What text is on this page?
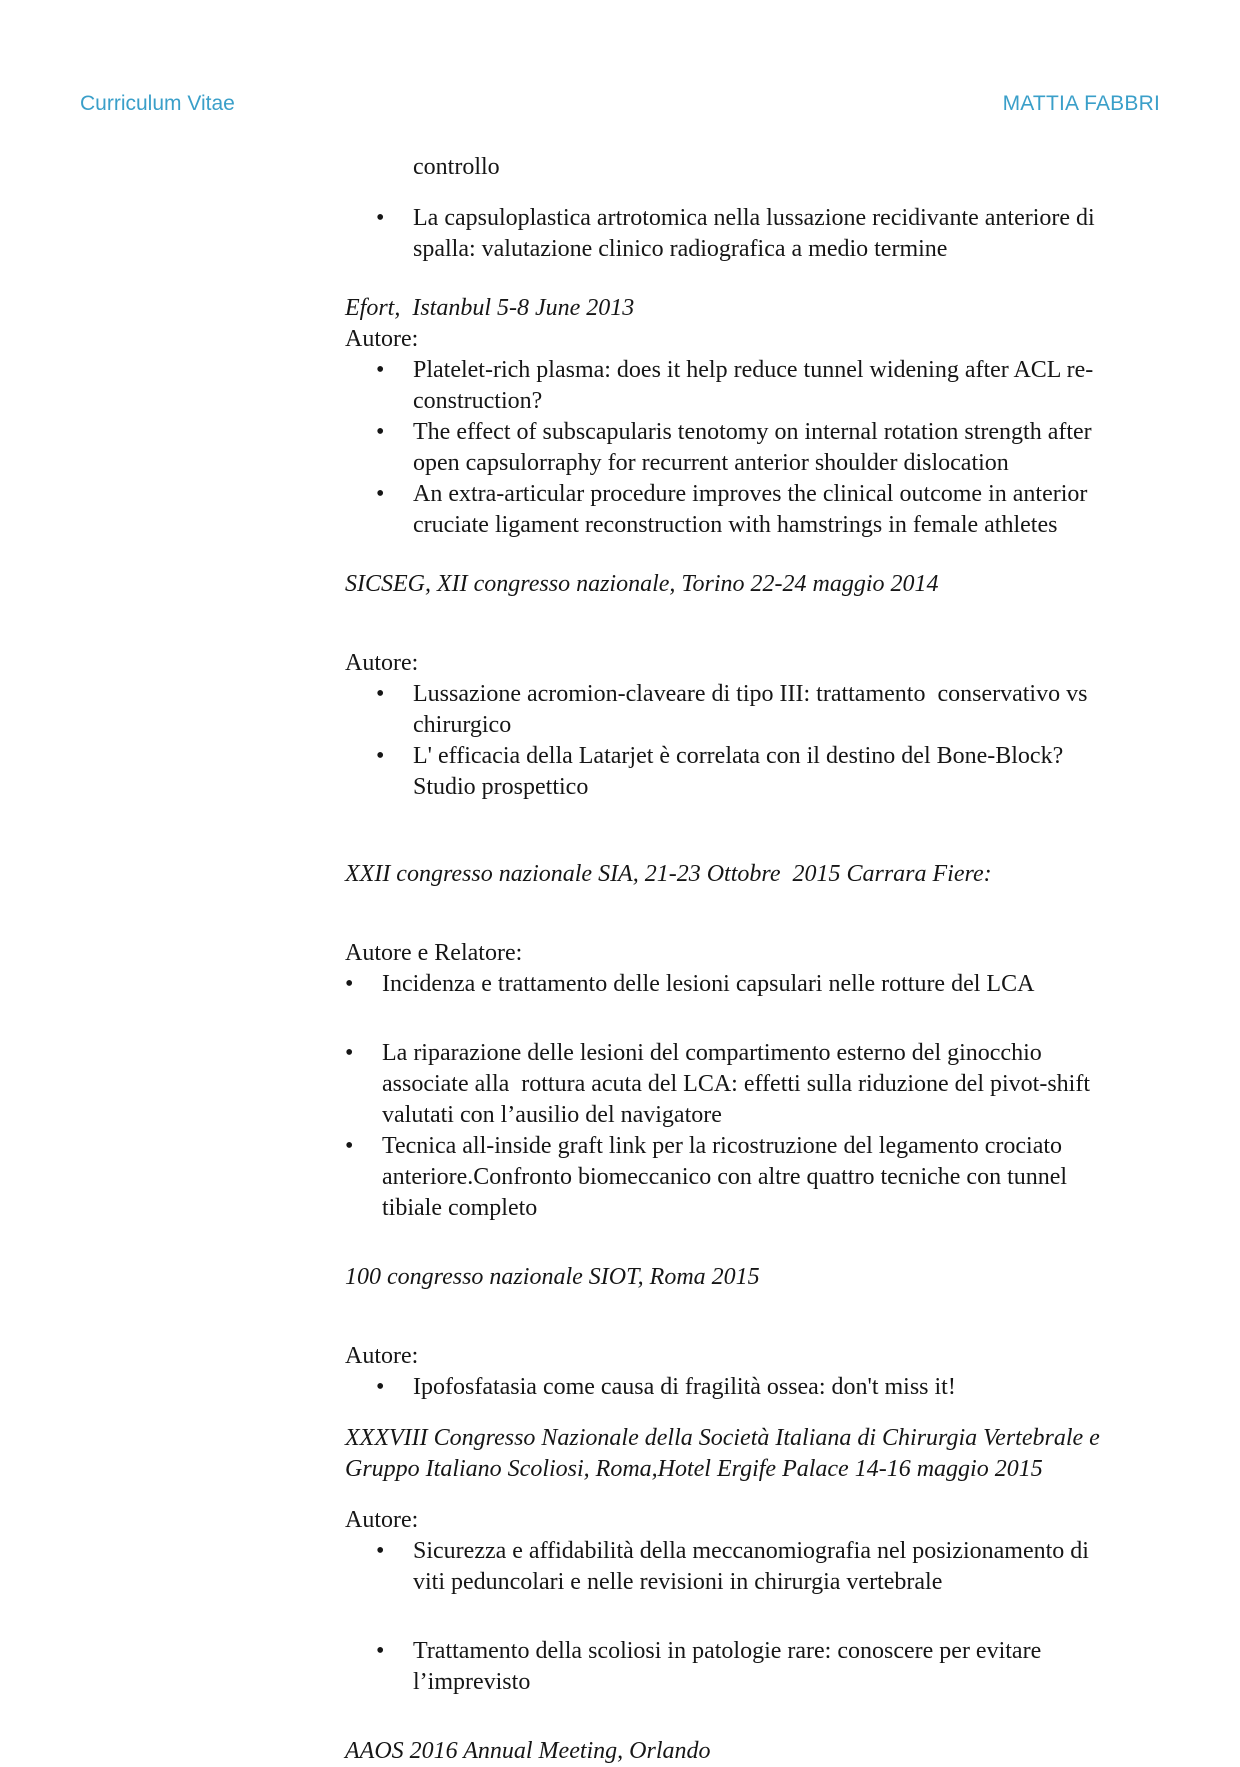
Curriculum Vitae	MATTIA FABBRI
controllo
•	La capsuloplastica artrotomica nella lussazione recidivante anteriore di spalla: valutazione clinico radiografica a medio termine
Efort,  Istanbul 5-8 June 2013
Autore:
•	Platelet-rich plasma: does it help reduce tunnel widening after ACL re-construction?
•	The effect of subscapularis tenotomy on internal rotation strength after open capsulorraphy for recurrent anterior shoulder dislocation
•	An extra-articular procedure improves the clinical outcome in anterior cruciate ligament reconstruction with hamstrings in female athletes
SICSEG, XII congresso nazionale, Torino 22-24 maggio 2014
Autore:
•	Lussazione acromion-claveare di tipo III: trattamento  conservativo vs chirurgico
•	L' efficacia della Latarjet è correlata con il destino del Bone-Block? Studio prospettico
XXII congresso nazionale SIA, 21-23 Ottobre  2015 Carrara Fiere:
Autore e Relatore:
•	Incidenza e trattamento delle lesioni capsulari nelle rotture del LCA
•	La riparazione delle lesioni del compartimento esterno del ginocchio associate alla  rottura acuta del LCA: effetti sulla riduzione del pivot-shift valutati con l’ausilio del navigatore
•	Tecnica all-inside graft link per la ricostruzione del legamento crociato anteriore.Confronto biomeccanico con altre quattro tecniche con tunnel tibiale completo
100 congresso nazionale SIOT, Roma 2015
Autore:
•	Ipofosfatasia come causa di fragilità ossea: don't miss it!
XXXVIII Congresso Nazionale della Società Italiana di Chirurgia Vertebrale e Gruppo Italiano Scoliosi, Roma,Hotel Ergife Palace 14-16 maggio 2015
Autore:
•	Sicurezza e affidabilità della meccanomiografia nel posizionamento di viti peduncolari e nelle revisioni in chirurgia vertebrale
•	Trattamento della scoliosi in patologie rare: conoscere per evitare l’imprevisto
AAOS 2016 Annual Meeting, Orlando
